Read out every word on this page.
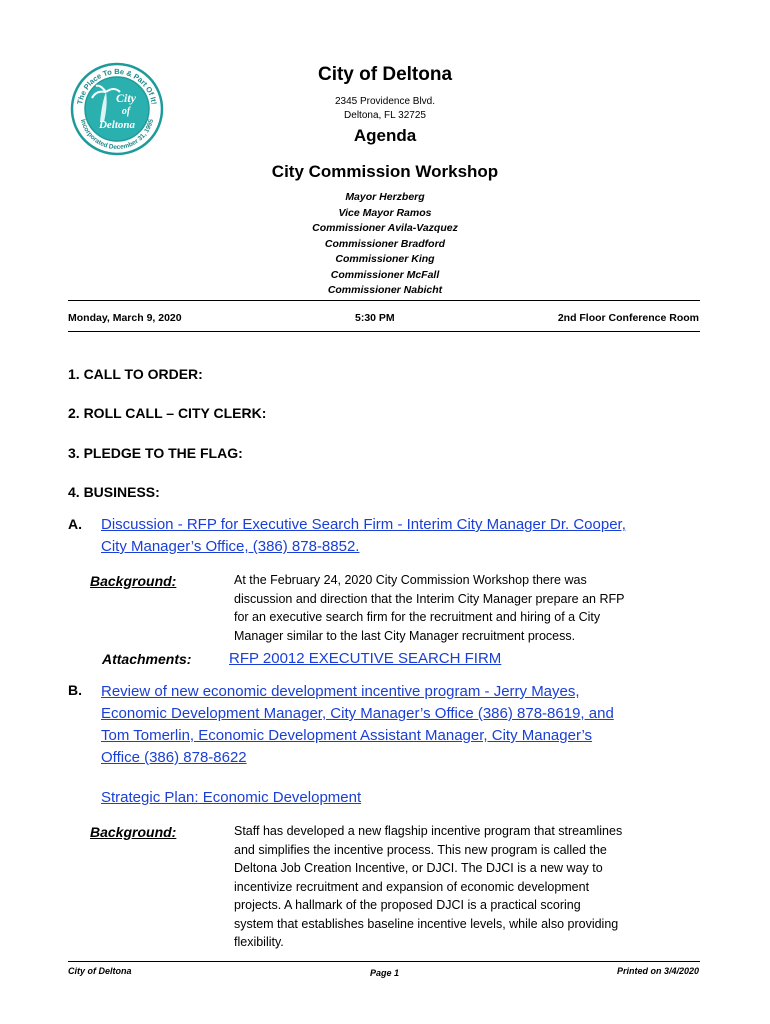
The Place To Be & Part Of It!
Incorporated December 31, 1995
City
of
Deltona
City of Deltona
2345 Providence Blvd.
Deltona, FL 32725
Agenda
City Commission Workshop
Mayor Herzberg
Vice Mayor Ramos
Commissioner Avila-Vazquez
Commissioner Bradford
Commissioner King
Commissioner McFall
Commissioner Nabicht
Monday, March 9, 2020	5:30 PM	2nd Floor Conference Room
1. CALL TO ORDER:
2. ROLL CALL – CITY CLERK:
3. PLEDGE TO THE FLAG:
4. BUSINESS:
A. Discussion - RFP for Executive Search Firm - Interim City Manager Dr. Cooper,
City Manager’s Office, (386) 878-8852.
Background:	At the February 24, 2020 City Commission Workshop there was
discussion and direction that the Interim City Manager prepare an RFP
for an executive search firm for the recruitment and hiring of a City
Manager similar to the last City Manager recruitment process.
Attachments:	RFP 20012 EXECUTIVE SEARCH FIRM
B. Review of new economic development incentive program - Jerry Mayes,
Economic Development Manager, City Manager’s Office (386) 878-8619, and
Tom Tomerlin, Economic Development Assistant Manager, City Manager’s
Office (386) 878-8622
Strategic Plan: Economic Development
Background:	Staff has developed a new flagship incentive program that streamlines
and simplifies the incentive process. This new program is called the
Deltona Job Creation Incentive, or DJCI. The DJCI is a new way to
incentivize recruitment and expansion of economic development
projects. A hallmark of the proposed DJCI is a practical scoring
system that establishes baseline incentive levels, while also providing
flexibility.
City of Deltona	Page 1	Printed on 3/4/2020
